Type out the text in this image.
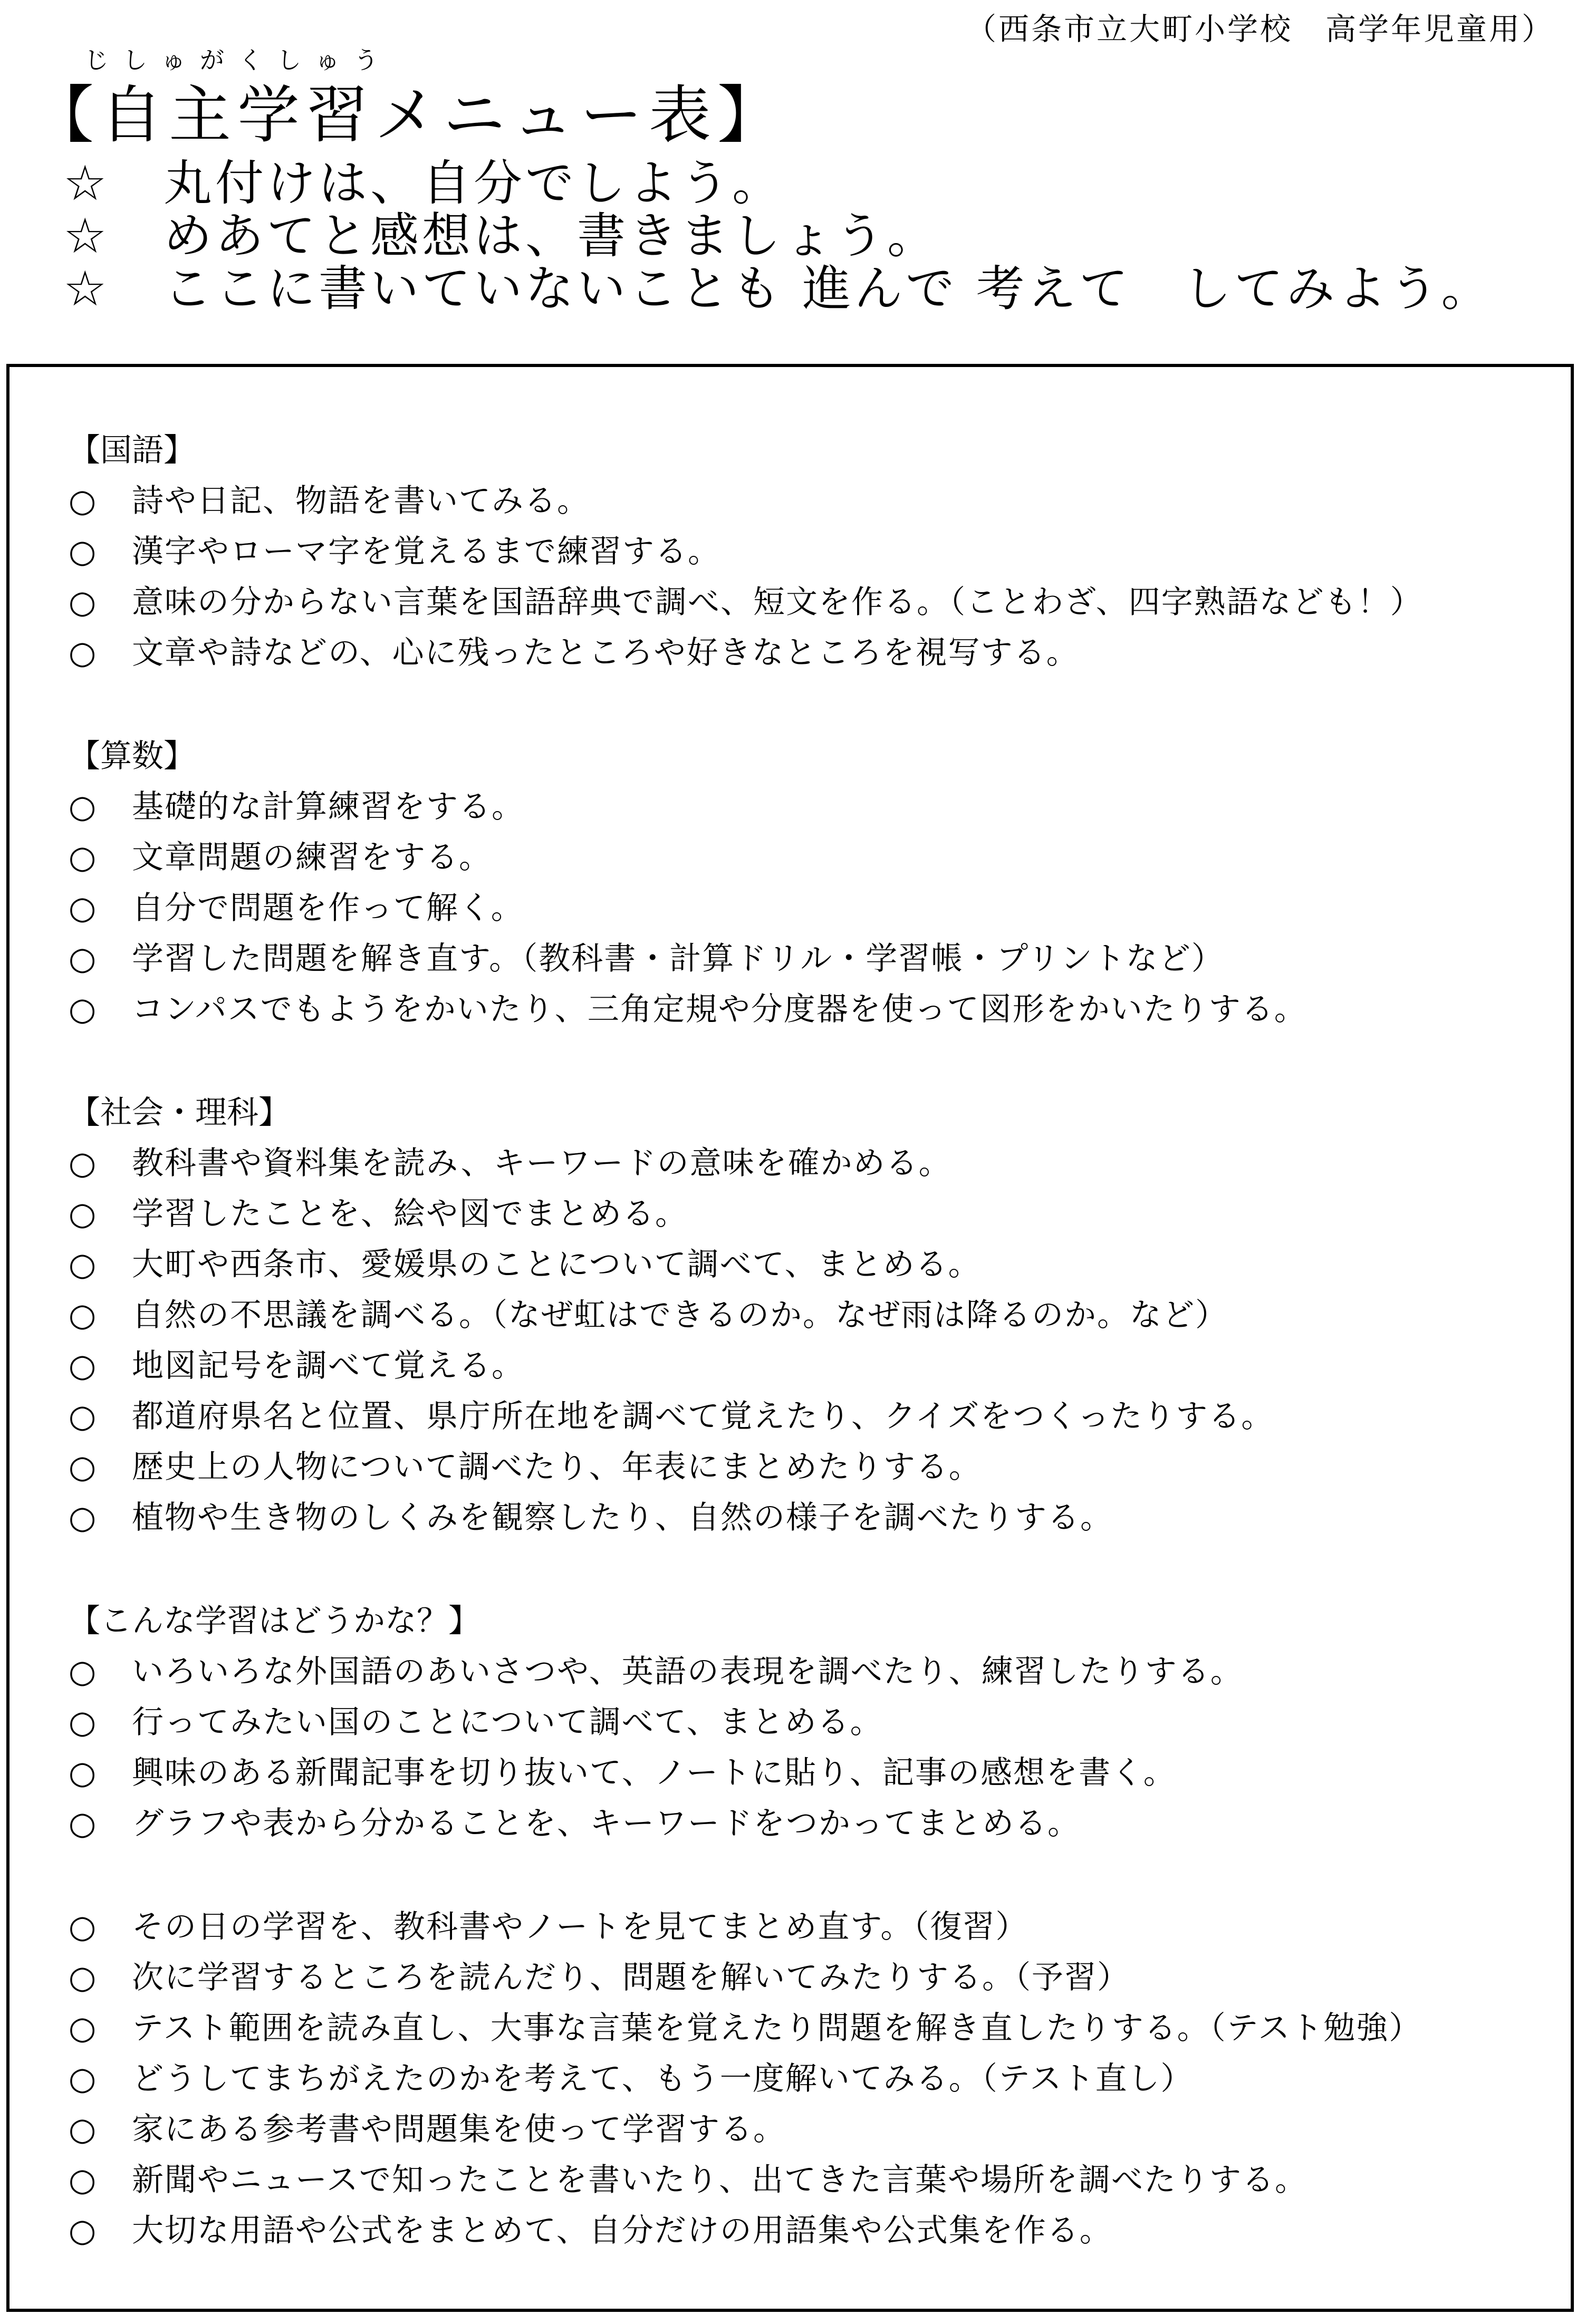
（西条市立大町小学校　高学年児童用）
じしゅがくしゅう
【自主学習メニュー表】
☆ 丸付けは、自分でしよう。
☆ めあてと感想は、書きましょう。
☆ ここに書いていないことも 進んで 考えて　してみよう。
【国語】
○ 詩や日記、物語を書いてみる。
○ 漢字やローマ字を覚えるまで練習する。
○ 意味の分からない言葉を国語辞典で調べ、短文を作る。（ことわざ、四字熟語なども！）
○ 文章や詩などの、心に残ったところや好きなところを視写する。
【算数】
○ 基礎的な計算練習をする。
○ 文章問題の練習をする。
○ 自分で問題を作って解く。
○ 学習した問題を解き直す。（教科書・計算ドリル・学習帳・プリントなど）
○ コンパスでもようをかいたり、三角定規や分度器を使って図形をかいたりする。
【社会・理科】
○ 教科書や資料集を読み、キーワードの意味を確かめる。
○ 学習したことを、絵や図でまとめる。
○ 大町や西条市、愛媛県のことについて調べて、まとめる。
○ 自然の不思議を調べる。（なぜ虹はできるのか。なぜ雨は降るのか。など）
○ 地図記号を調べて覚える。
○ 都道府県名と位置、県庁所在地を調べて覚えたり、クイズをつくったりする。
○ 歴史上の人物について調べたり、年表にまとめたりする。
○ 植物や生き物のしくみを観察したり、自然の様子を調べたりする。
【こんな学習はどうかな？】
○ いろいろな外国語のあいさつや、英語の表現を調べたり、練習したりする。
○ 行ってみたい国のことについて調べて、まとめる。
○ 興味のある新聞記事を切り抜いて、ノートに貼り、記事の感想を書く。
○ グラフや表から分かることを、キーワードをつかってまとめる。
○ その日の学習を、教科書やノートを見てまとめ直す。（復習）
○ 次に学習するところを読んだり、問題を解いてみたりする。（予習）
○ テスト範囲を読み直し、大事な言葉を覚えたり問題を解き直したりする。（テスト勉強）
○ どうしてまちがえたのかを考えて、もう一度解いてみる。（テスト直し）
○ 家にある参考書や問題集を使って学習する。
○ 新聞やニュースで知ったことを書いたり、出てきた言葉や場所を調べたりする。
○ 大切な用語や公式をまとめて、自分だけの用語集や公式集を作る。
